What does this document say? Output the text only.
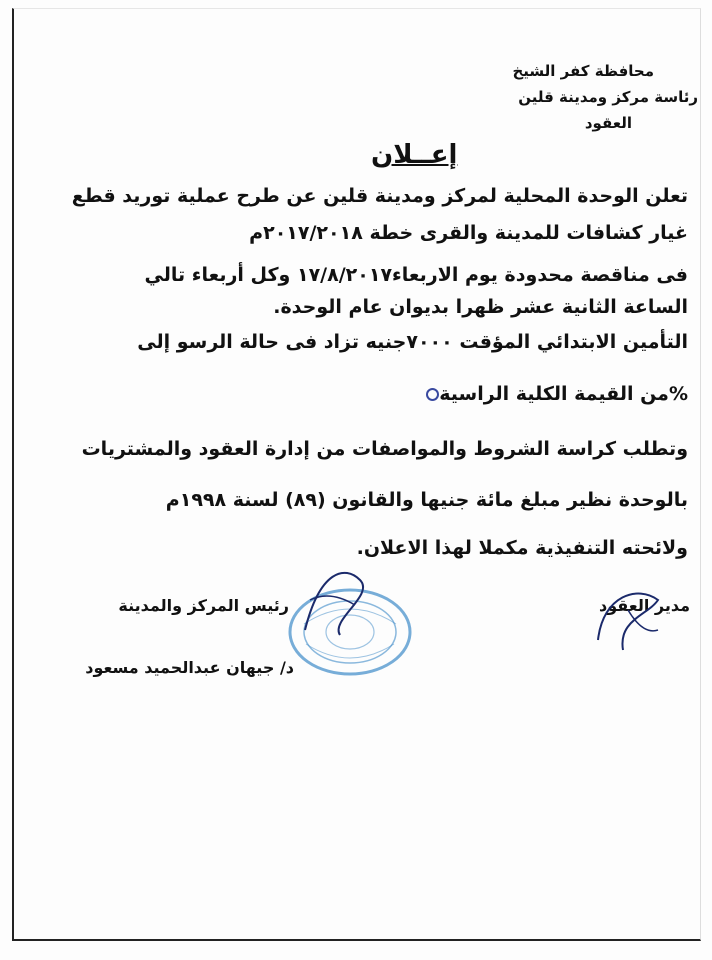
محافظة كفر الشيخ
رئاسة مركز ومدينة قلين
العقود
إعــلان
تعلن الوحدة المحلية لمركز ومدينة قلين عن طرح عملية توريد قطع
غيار كشافات للمدينة والقرى خطة ٢٠١٧/٢٠١٨م
فى مناقصة محدودة يوم الاربعاء١٧/٨/٢٠١٧ وكل أربعاء تالي
الساعة الثانية عشر ظهرا بديوان عام الوحدة.
التأمين الابتدائي المؤقت ٧٠٠٠جنيه تزاد فى حالة الرسو إلى
%من القيمة الكلية الراسية
وتطلب كراسة الشروط والمواصفات من إدارة العقود والمشتريات
بالوحدة نظير مبلغ مائة جنيها والقانون (٨٩) لسنة ١٩٩٨م
ولائحته التنفيذية مكملا لهذا الاعلان.
مدير العقود
رئيس المركز والمدينة
د/ جيهان عبدالحميد مسعود
